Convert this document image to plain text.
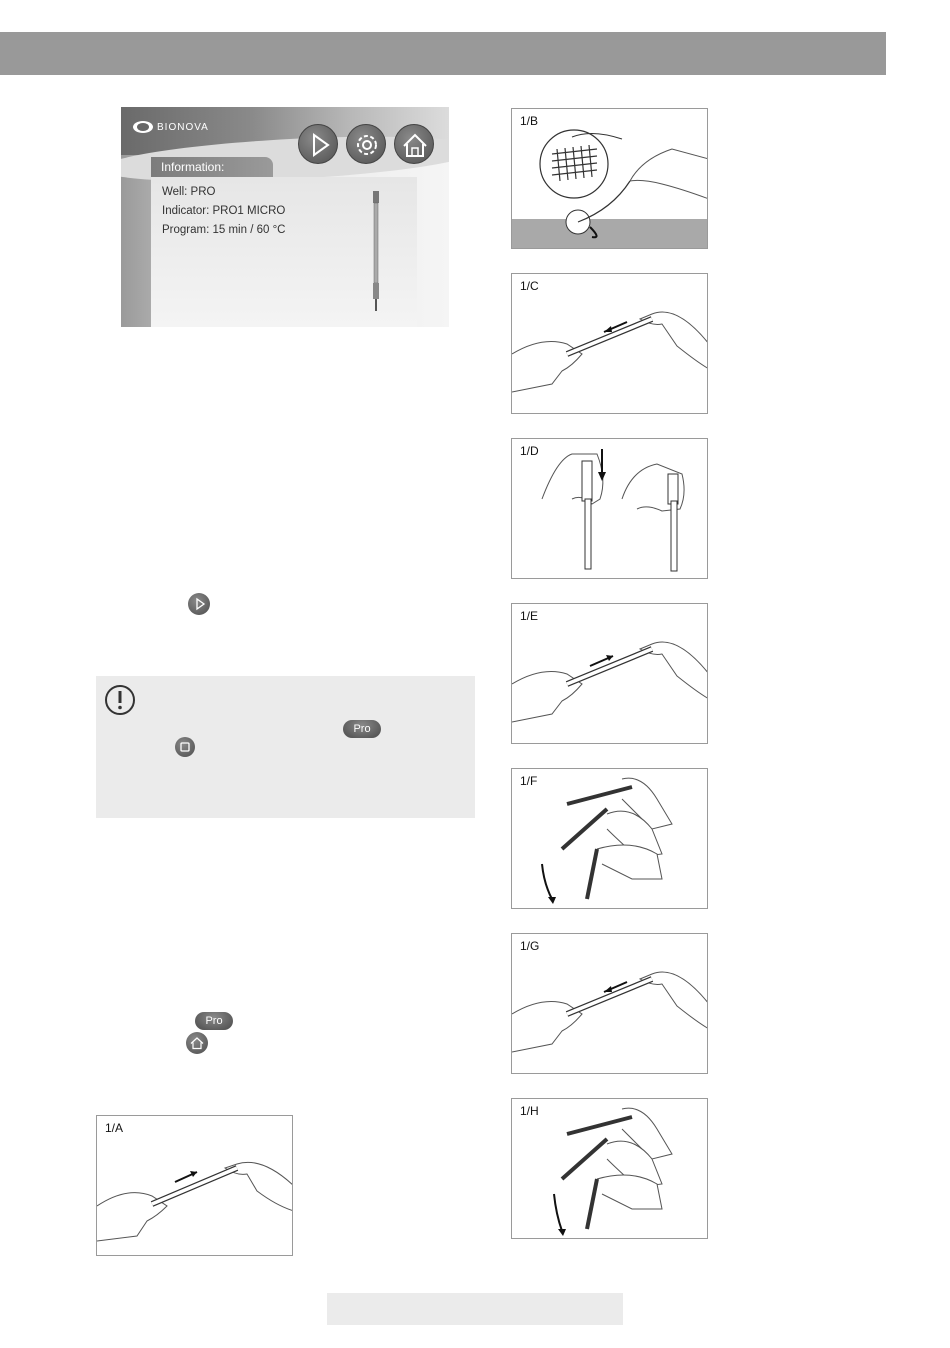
BIONOVA
Information:
Well: PRO
Indicator: PRO1 MICRO
Program: 15 min / 60 °C
Pro
Pro
1/A
1/B
1/C
1/D
1/E
1/F
1/G
1/H
